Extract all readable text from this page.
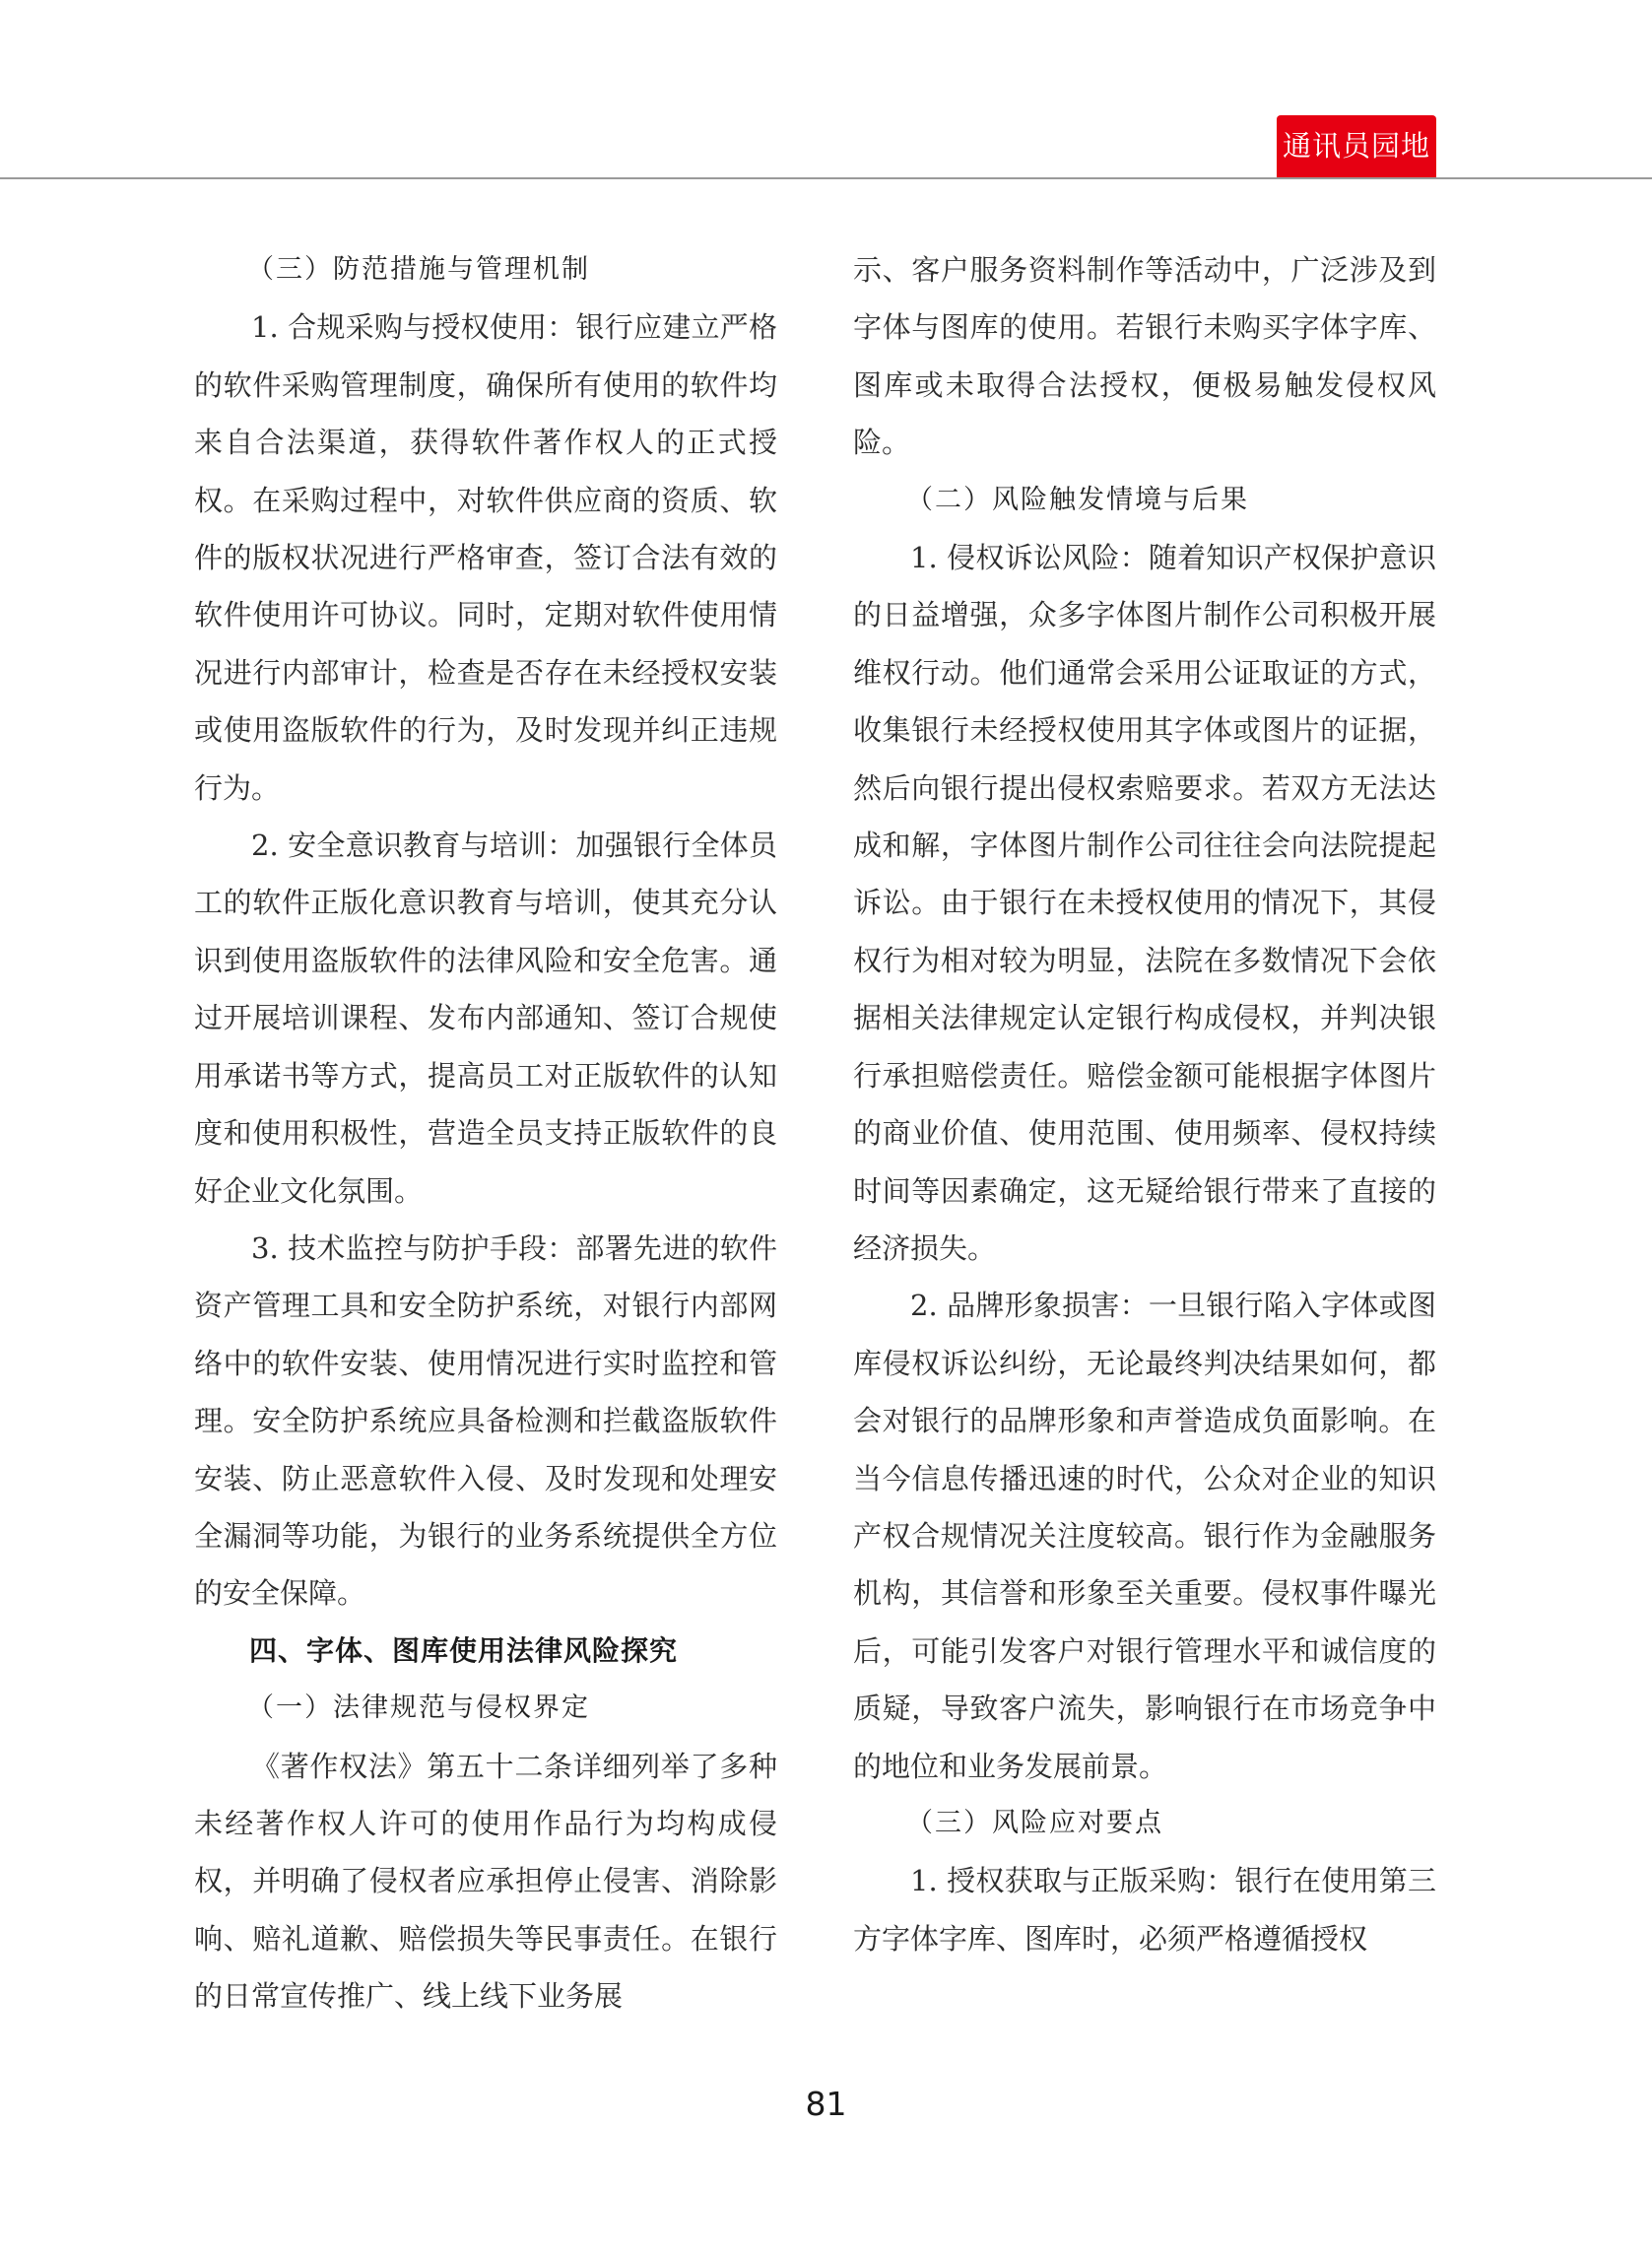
通讯员园地

（三）防范措施与管理机制

1. 合规采购与授权使用：银行应建立严格的软件采购管理制度，确保所有使用的软件均来自合法渠道，获得软件著作权人的正式授权。在采购过程中，对软件供应商的资质、软件的版权状况进行严格审查，签订合法有效的软件使用许可协议。同时，定期对软件使用情况进行内部审计，检查是否存在未经授权安装或使用盗版软件的行为，及时发现并纠正违规行为。

2. 安全意识教育与培训：加强银行全体员工的软件正版化意识教育与培训，使其充分认识到使用盗版软件的法律风险和安全危害。通过开展培训课程、发布内部通知、签订合规使用承诺书等方式，提高员工对正版软件的认知度和使用积极性，营造全员支持正版软件的良好企业文化氛围。

3. 技术监控与防护手段：部署先进的软件资产管理工具和安全防护系统，对银行内部网络中的软件安装、使用情况进行实时监控和管理。安全防护系统应具备检测和拦截盗版软件安装、防止恶意软件入侵、及时发现和处理安全漏洞等功能，为银行的业务系统提供全方位的安全保障。

四、字体、图库使用法律风险探究

（一）法律规范与侵权界定

《著作权法》第五十二条详细列举了多种未经著作权人许可的使用作品行为均构成侵权，并明确了侵权者应承担停止侵害、消除影响、赔礼道歉、赔偿损失等民事责任。在银行的日常宣传推广、线上线下业务展

示、客户服务资料制作等活动中，广泛涉及到字体与图库的使用。若银行未购买字体字库、图库或未取得合法授权，便极易触发侵权风险。

（二）风险触发情境与后果

1. 侵权诉讼风险：随着知识产权保护意识的日益增强，众多字体图片制作公司积极开展维权行动。他们通常会采用公证取证的方式，收集银行未经授权使用其字体或图片的证据，然后向银行提出侵权索赔要求。若双方无法达成和解，字体图片制作公司往往会向法院提起诉讼。由于银行在未授权使用的情况下，其侵权行为相对较为明显，法院在多数情况下会依据相关法律规定认定银行构成侵权，并判决银行承担赔偿责任。赔偿金额可能根据字体图片的商业价值、使用范围、使用频率、侵权持续时间等因素确定，这无疑给银行带来了直接的经济损失。

2. 品牌形象损害：一旦银行陷入字体或图库侵权诉讼纠纷，无论最终判决结果如何，都会对银行的品牌形象和声誉造成负面影响。在当今信息传播迅速的时代，公众对企业的知识产权合规情况关注度较高。银行作为金融服务机构，其信誉和形象至关重要。侵权事件曝光后，可能引发客户对银行管理水平和诚信度的质疑，导致客户流失，影响银行在市场竞争中的地位和业务发展前景。

（三）风险应对要点

1. 授权获取与正版采购：银行在使用第三方字体字库、图库时，必须严格遵循授权

81
